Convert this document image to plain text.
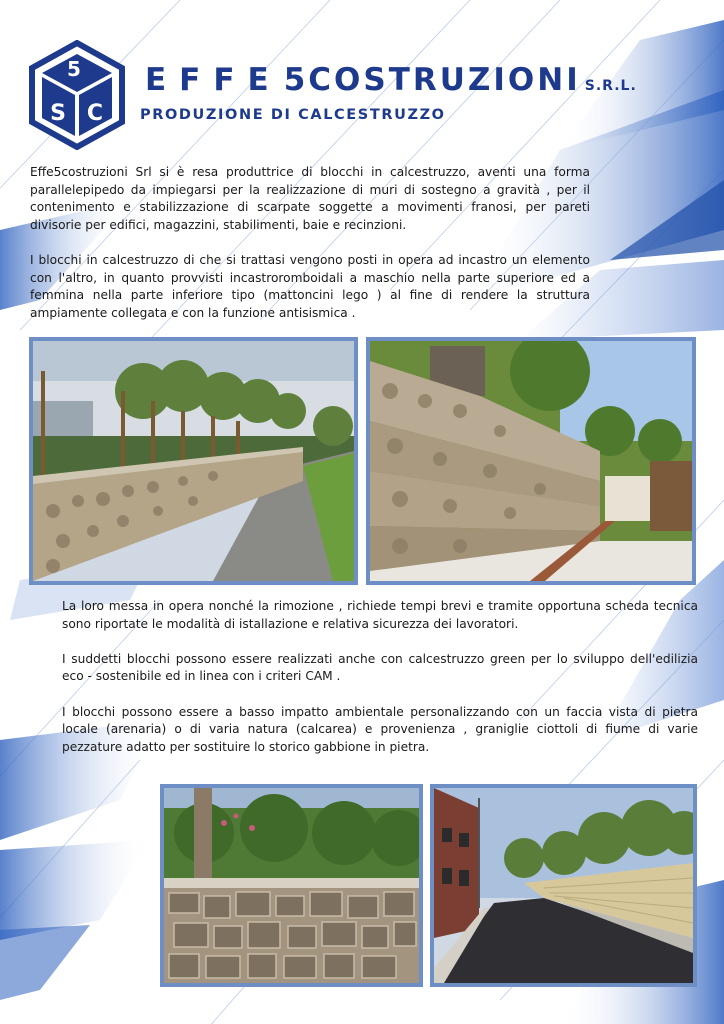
5
S C
EFFE5COSTRUZIONI S.R.L.
PRODUZIONE DI CALCESTRUZZO

Effe5costruzioni Srl si è resa produttrice di blocchi in calcestruzzo, aventi una forma parallelepipedo da impiegarsi per la realizzazione di muri di sostegno a gravità , per il contenimento e stabilizzazione di scarpate soggette a movimenti franosi, per pareti divisorie per edifici, magazzini, stabilimenti, baie e recinzioni.

I blocchi in calcestruzzo di che si trattasi vengono posti in opera ad incastro un elemento con l'altro, in quanto provvisti incastroromboidali a maschio nella parte superiore ed a femmina nella parte inferiore tipo (mattoncini lego ) al fine di rendere la struttura ampiamente collegata e con la funzione antisismica .

La loro messa in opera nonché la rimozione , richiede tempi brevi e tramite opportuna scheda tecnica sono riportate le modalità di istallazione e relativa sicurezza dei lavoratori.

I suddetti blocchi possono essere realizzati anche con calcestruzzo green per lo sviluppo dell'edilizia eco - sostenibile ed in linea con i criteri CAM .

I blocchi possono essere a basso impatto ambientale personalizzando con un faccia vista di pietra locale (arenaria) o di varia natura (calcarea) e provenienza , graniglie ciottoli di fiume di varie pezzature adatto per sostituire lo storico gabbione in pietra.
